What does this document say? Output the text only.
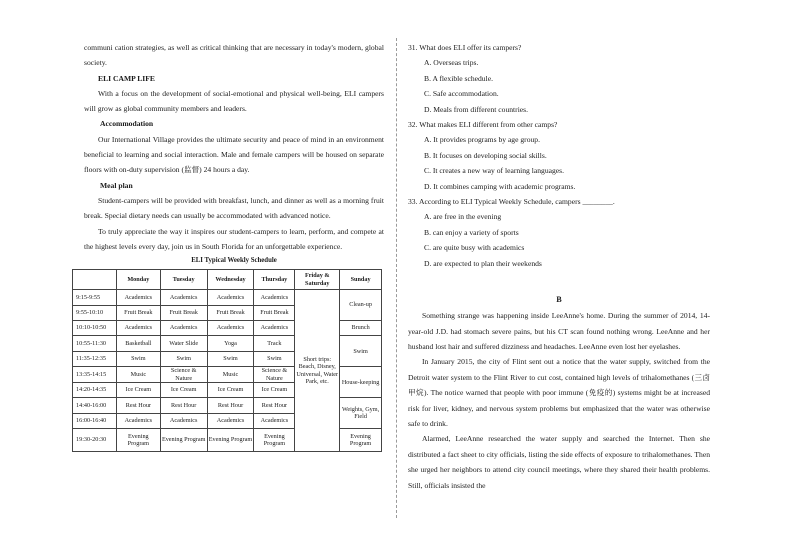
communi cation strategies, as well as critical thinking that are necessary in today's modern, global society.

ELI CAMP LIFE

With a focus on the development of social-emotional and physical well-being, ELI campers will grow as global community members and leaders.

Accommodation

Our International Village provides the ultimate security and peace of mind in an environment beneficial to learning and social interaction. Male and female campers will be housed on separate floors with on-duty supervision (监督) 24 hours a day.

Meal plan

Student-campers will be provided with breakfast, lunch, and dinner as well as a morning fruit break. Special dietary needs can usually be accommodated with advanced notice.

To truly appreciate the way it inspires our student-campers to learn, perform, and compete at the highest levels every day, join us in South Florida for an unforgettable experience.

ELI Typical Weekly Schedule
	Monday	Tuesday	Wednesday	Thursday	Friday & Saturday	Sunday
9:15-9:55	Academics	Academics	Academics	Academics	Short trips: Beach, Disney, Universal, Water Park, etc.	Clean-up
9:55-10:10	Fruit Break	Fruit Break	Fruit Break	Fruit Break		
10:10-10:50	Academics	Academics	Academics	Academics		Brunch
10:55-11:30	Basketball	Water Slide	Yoga	Track		Swim
11:35-12:35	Swim	Swim	Swim	Swim		
13:35-14:15	Music	Science & Nature	Music	Science & Nature		House-keeping
14:20-14:35	Ice Cream	Ice Cream	Ice Cream	Ice Cream		
14:40-16:00	Rest Hour	Rest Hour	Rest Hour	Rest Hour		Weights, Gym, Field
16:00-16:40	Academics	Academics	Academics	Academics		
19:30-20:30	Evening Program	Evening Program	Evening Program	Evening Program		Evening Program

31. What does ELI offer its campers?

A. Overseas trips.

B. A flexible schedule.

C. Safe accommodation.

D. Meals from different countries.

32. What makes ELI different from other camps?

A. It provides programs by age group.

B. It focuses on developing social skills.

C. It creates a new way of learning languages.

D. It combines camping with academic programs.

33. According to ELI Typical Weekly Schedule, campers ________.

A. are free in the evening

B. can enjoy a variety of sports

C. are quite busy with academics

D. are expected to plan their weekends

B

Something strange was happening inside LeeAnne's home. During the summer of 2014, 14-year-old J.D. had stomach severe pains, but his CT scan found nothing wrong. LeeAnne and her husband lost hair and suffered dizziness and headaches. LeeAnne even lost her eyelashes.

In January 2015, the city of Flint sent out a notice that the water supply, switched from the Detroit water system to the Flint River to cut cost, contained high levels of trihalomethanes (三卤甲烷). The notice warned that people with poor immune (免疫的) systems might be at increased risk for liver, kidney, and nervous system problems but emphasized that the water was otherwise safe to drink.

Alarmed, LeeAnne researched the water supply and searched the Internet. Then she distributed a fact sheet to city officials, listing the side effects of exposure to trihalomethanes. Then she urged her neighbors to attend city council meetings, where they shared their health problems. Still, officials insisted the
